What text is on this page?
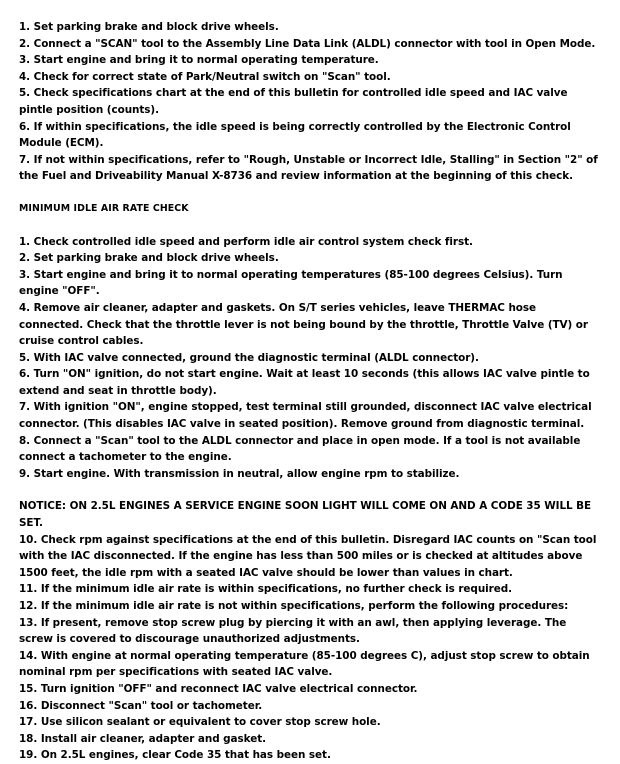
1. Set parking brake and block drive wheels.

2. Connect a "SCAN" tool to the Assembly Line Data Link (ALDL) connector with tool in Open Mode.

3. Start engine and bring it to normal operating temperature.

4. Check for correct state of Park/Neutral switch on "Scan" tool.

5. Check specifications chart at the end of this bulletin for controlled idle speed and IAC valve pintle position (counts).

6. If within specifications, the idle speed is being correctly controlled by the Electronic Control Module (ECM).

7. If not within specifications, refer to "Rough, Unstable or Incorrect Idle, Stalling" in Section "2" of the Fuel and Driveability Manual X-8736 and review information at the beginning of this check.

MINIMUM IDLE AIR RATE CHECK

1. Check controlled idle speed and perform idle air control system check first.

2. Set parking brake and block drive wheels.

3. Start engine and bring it to normal operating temperatures (85-100 degrees Celsius). Turn engine "OFF".

4. Remove air cleaner, adapter and gaskets. On S/T series vehicles, leave THERMAC hose connected. Check that the throttle lever is not being bound by the throttle, Throttle Valve (TV) or cruise control cables.

5. With IAC valve connected, ground the diagnostic terminal (ALDL connector).

6. Turn "ON" ignition, do not start engine. Wait at least 10 seconds (this allows IAC valve pintle to extend and seat in throttle body).

7. With ignition "ON", engine stopped, test terminal still grounded, disconnect IAC valve electrical connector. (This disables IAC valve in seated position). Remove ground from diagnostic terminal.

8. Connect a "Scan" tool to the ALDL connector and place in open mode. If a tool is not available connect a tachometer to the engine.

9. Start engine. With transmission in neutral, allow engine rpm to stabilize.

NOTICE: ON 2.5L ENGINES A SERVICE ENGINE SOON LIGHT WILL COME ON AND A CODE 35 WILL BE SET.

10. Check rpm against specifications at the end of this bulletin. Disregard IAC counts on "Scan tool with the IAC disconnected. If the engine has less than 500 miles or is checked at altitudes above 1500 feet, the idle rpm with a seated IAC valve should be lower than values in chart.

11. If the minimum idle air rate is within specifications, no further check is required.

12. If the minimum idle air rate is not within specifications, perform the following procedures:

13. If present, remove stop screw plug by piercing it with an awl, then applying leverage. The screw is covered to discourage unauthorized adjustments.

14. With engine at normal operating temperature (85-100 degrees C), adjust stop screw to obtain nominal rpm per specifications with seated IAC valve.

15. Turn ignition "OFF" and reconnect IAC valve electrical connector.

16. Disconnect "Scan" tool or tachometer.

17. Use silicon sealant or equivalent to cover stop screw hole.

18. Install air cleaner, adapter and gasket.

19. On 2.5L engines, clear Code 35 that has been set.
